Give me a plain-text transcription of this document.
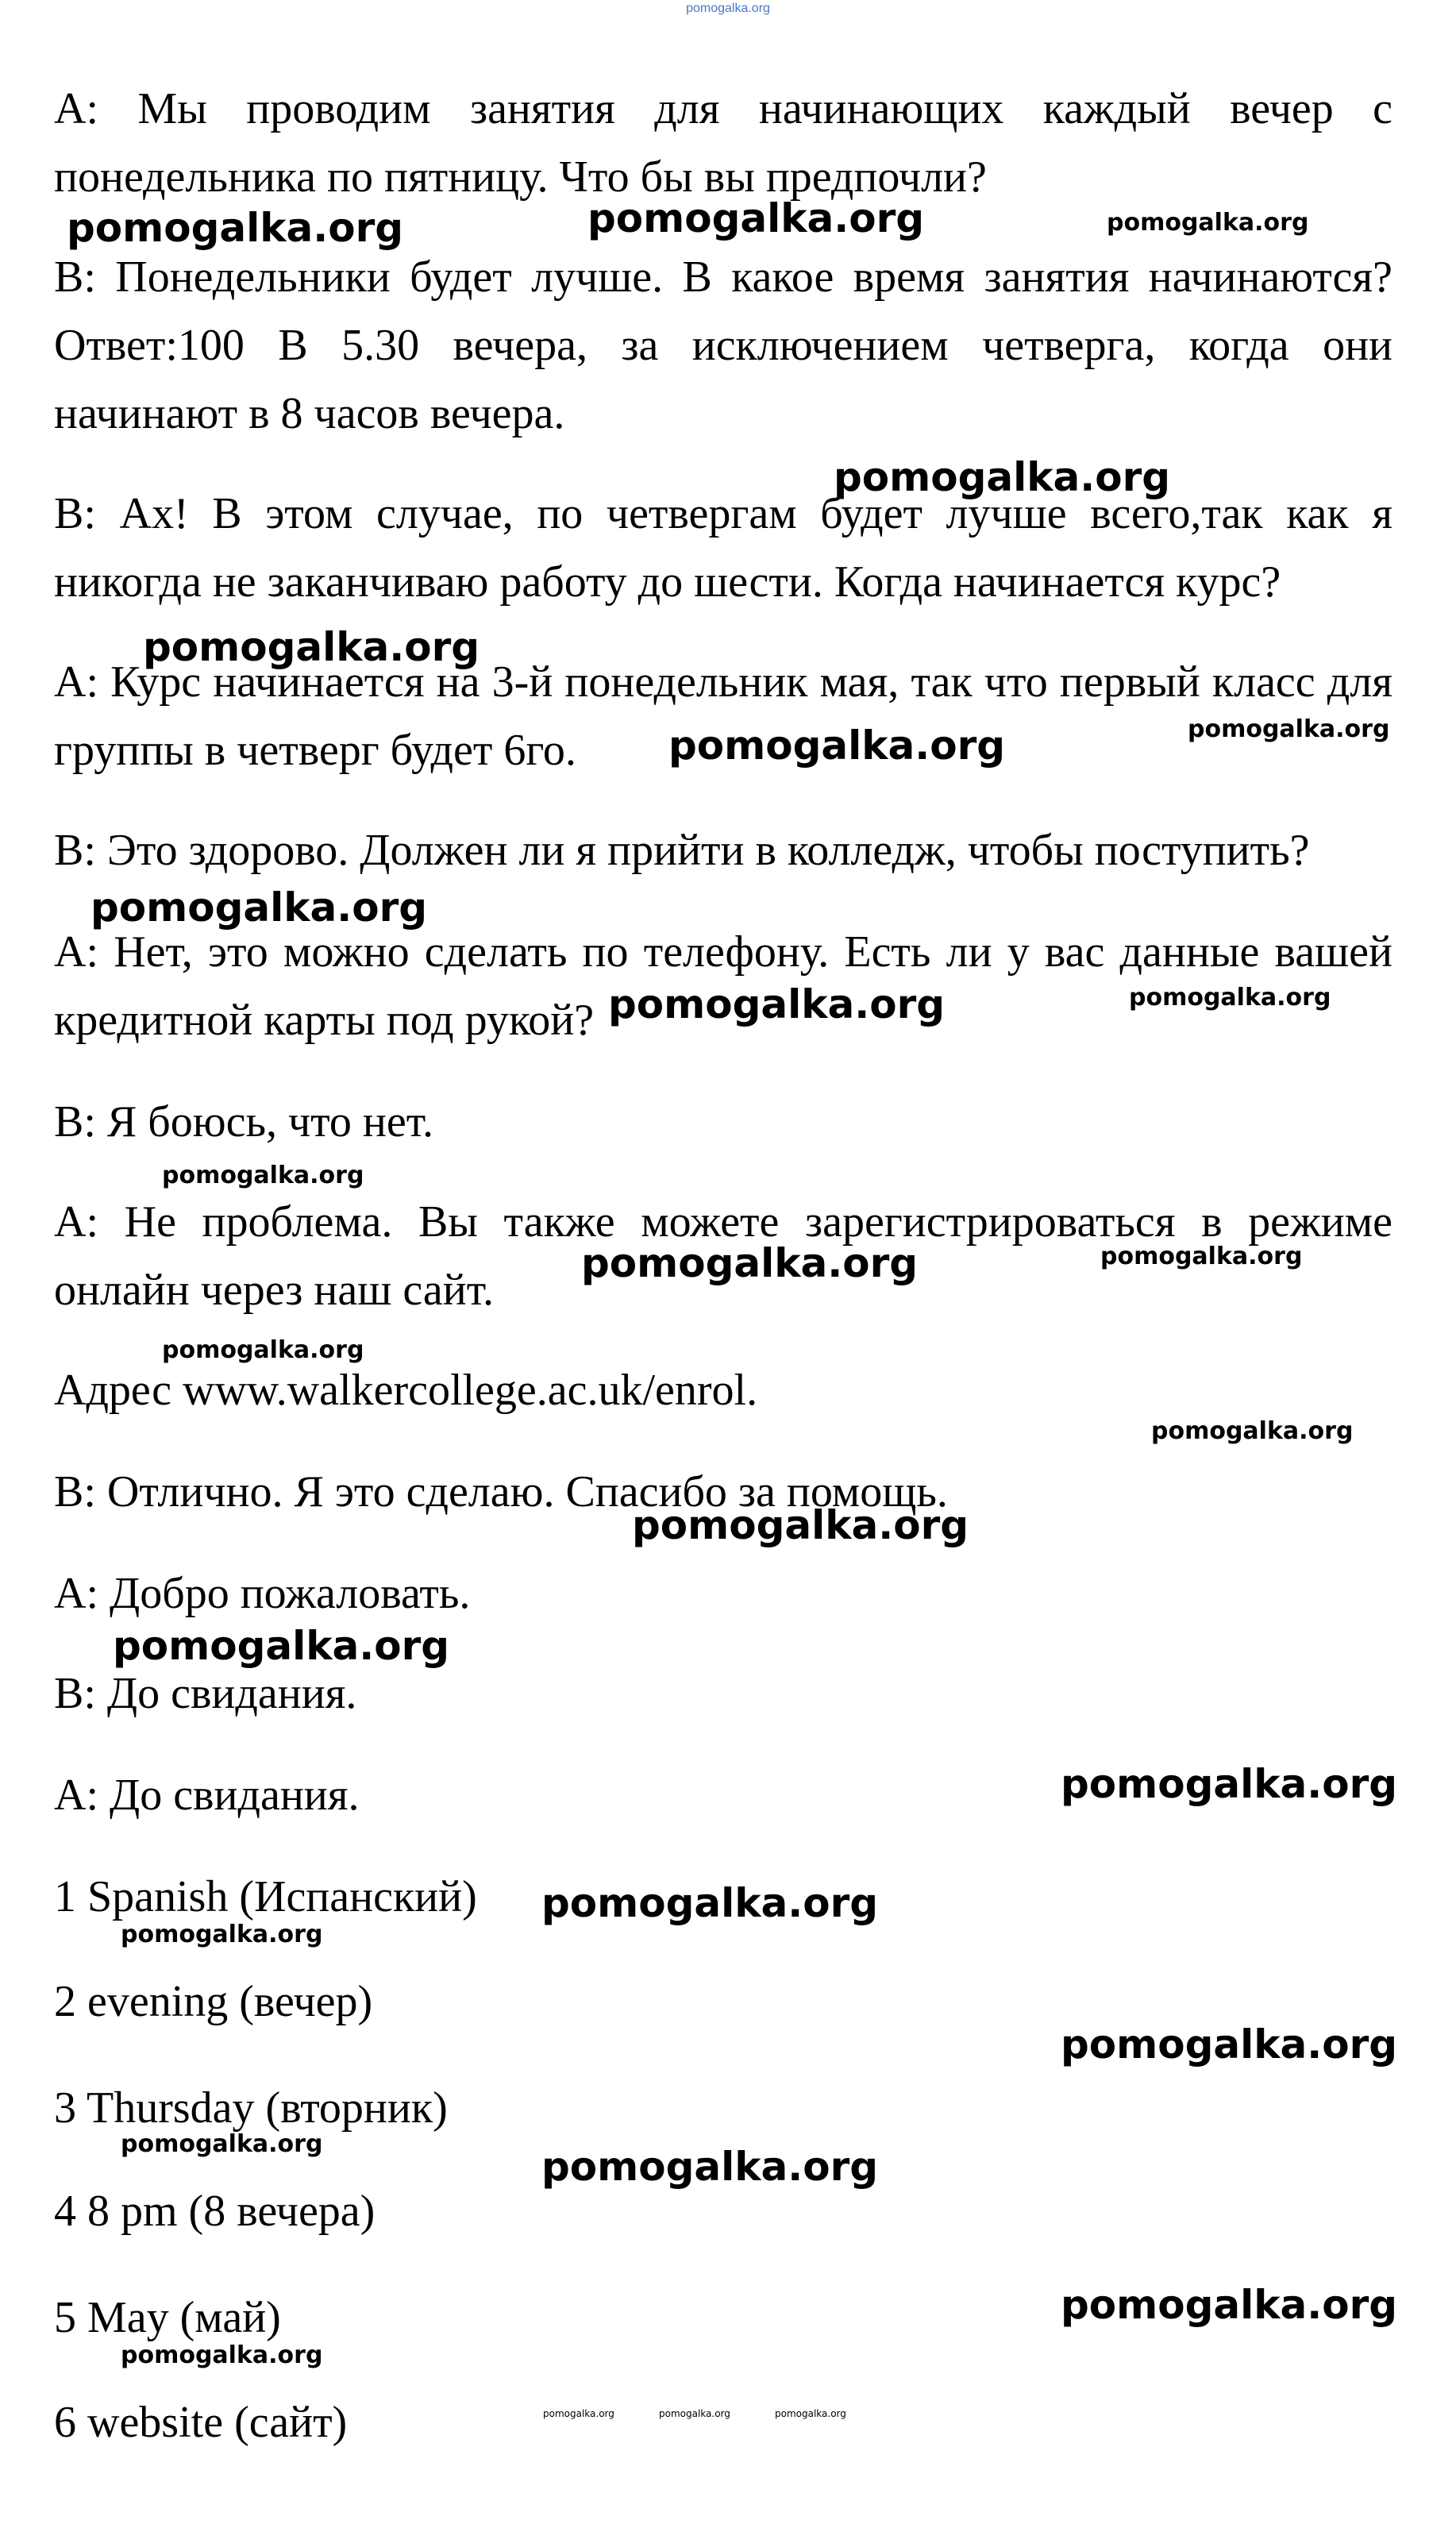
pomogalka.org

А: Мы проводим занятия для начинающих каждый вечер с понедельника по пятницу. Что бы вы предпочли?

В: Понедельники будет лучше. В какое время занятия начинаются? Ответ:100 В 5.30 вечера, за исключением четверга, когда они начинают в 8 часов вечера.

В: Ах! В этом случае, по четвергам будет лучше всего,так как я никогда не заканчиваю работу до шести. Когда начинается курс?

А: Курс начинается на 3-й понедельник мая, так что первый класс для группы в четверг будет 6го.

В: Это здорово. Должен ли я прийти в колледж, чтобы поступить?

А: Нет, это можно сделать по телефону. Есть ли у вас данные вашей кредитной карты под рукой?

В: Я боюсь, что нет.

А: Не проблема. Вы также можете зарегистрироваться в режиме онлайн через наш сайт.

Адрес www.walkercollege.ac.uk/enrol.

В: Отлично. Я это сделаю. Спасибо за помощь.

А: Добро пожаловать.

В: До свидания.

А: До свидания.

1 Spanish (Испанский)

2 evening (вечер)

3 Thursday (вторник)

4 8 pm (8 вечера)

5 May (май)

6 website (сайт)

pomogalka.org	pomogalka.org	pomogalka.org
pomogalka.org
pomogalka.org
pomogalka.org	pomogalka.org
pomogalka.org
pomogalka.org	pomogalka.org
pomogalka.org
pomogalka.org	pomogalka.org
pomogalka.org
pomogalka.org
pomogalka.org
pomogalka.org
pomogalka.org
pomogalka.org
pomogalka.org
pomogalka.org
pomogalka.org	pomogalka.org
pomogalka.org
pomogalka.org
pomogalka.org	pomogalka.org	pomogalka.org
